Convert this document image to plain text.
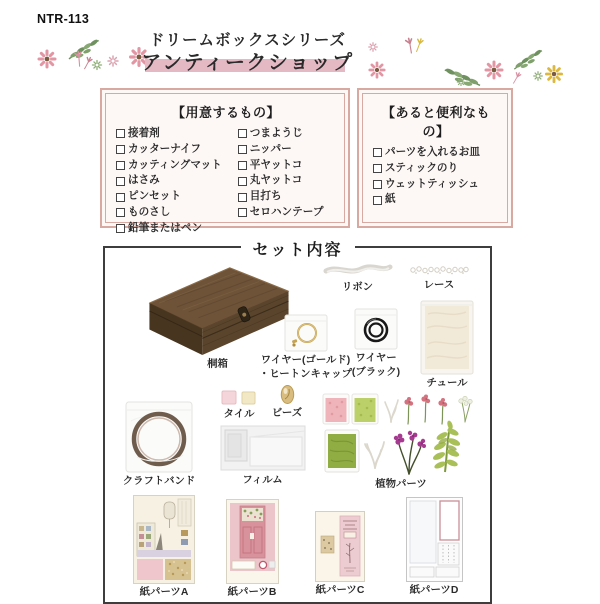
NTR-113
ドリームボックスシリーズ
アンティークショップ
【用意するもの】
接着剤
カッターナイフ
カッティングマット
はさみ
ピンセット
ものさし
鉛筆またはペン
つまようじ
ニッパー
平ヤットコ
丸ヤットコ
目打ち
セロハンテープ
【あると便利なもの】
パーツを入れるお皿
スティックのり
ウェットティッシュ
紙
セット内容
桐箱
リボン	レース
ワイヤー(ゴールド)
・ヒートンキャップ
ワイヤー
(ブラック)
チュール
タイル ビーズ
クラフトバンド	フィルム	植物パーツ
紙パーツA	紙パーツB	紙パーツC	紙パーツD
